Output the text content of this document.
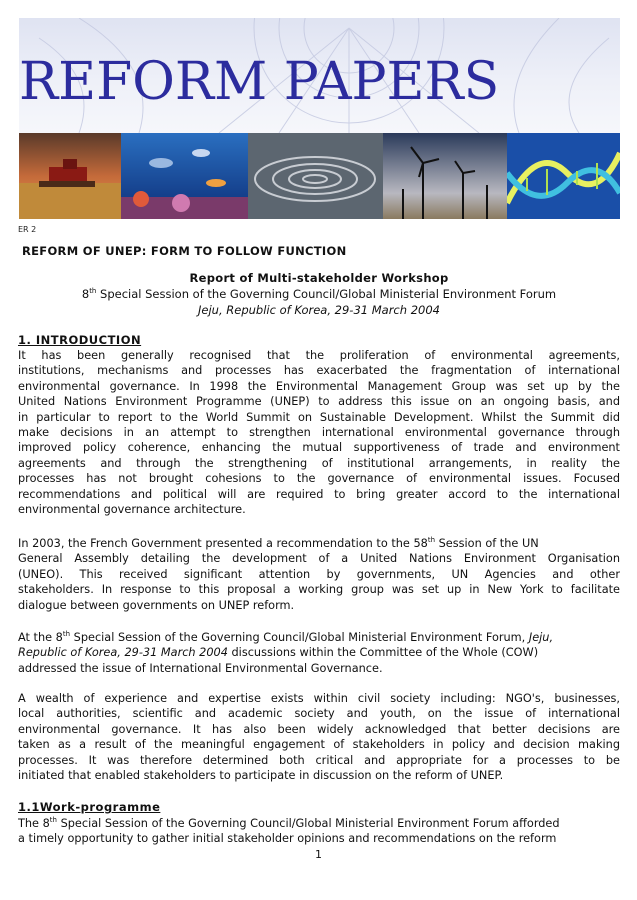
REFORM PAPERS
ER 2
REFORM OF UNEP: FORM TO FOLLOW FUNCTION
Report of Multi-stakeholder Workshop
8th Special Session of the Governing Council/Global Ministerial Environment Forum
Jeju, Republic of Korea, 29-31 March 2004
1. INTRODUCTION
It has been generally recognised that the proliferation of environmental agreements,
institutions, mechanisms and processes has exacerbated the fragmentation of international
environmental governance. In 1998 the Environmental Management Group was set up by the
United Nations Environment Programme (UNEP) to address this issue on an ongoing basis, and
in particular to report to the World Summit on Sustainable Development. Whilst the Summit did
make decisions in an attempt to strengthen international environmental governance through
improved policy coherence, enhancing the mutual supportiveness of trade and environment
agreements and through the strengthening of institutional arrangements, in reality the
processes has not brought cohesions to the governance of environmental issues. Focused
recommendations and political will are required to bring greater accord to the international
environmental governance architecture.
In 2003, the French Government presented a recommendation to the 58th Session of the UN
General Assembly detailing the development of a United Nations Environment Organisation
(UNEO). This received significant attention by governments, UN Agencies and other
stakeholders. In response to this proposal a working group was set up in New York to facilitate
dialogue between governments on UNEP reform.
At the 8th Special Session of the Governing Council/Global Ministerial Environment Forum, Jeju,
Republic of Korea, 29-31 March 2004 discussions within the Committee of the Whole (COW)
addressed the issue of International Environmental Governance.
A wealth of experience and expertise exists within civil society including: NGO's, businesses,
local authorities, scientific and academic society and youth, on the issue of international
environmental governance. It has also been widely acknowledged that better decisions are
taken as a result of the meaningful engagement of stakeholders in policy and decision making
processes. It was therefore determined both critical and appropriate for a processes to be
initiated that enabled stakeholders to participate in discussion on the reform of UNEP.
1.1Work-programme
The 8th Special Session of the Governing Council/Global Ministerial Environment Forum afforded
a timely opportunity to gather initial stakeholder opinions and recommendations on the reform
1
